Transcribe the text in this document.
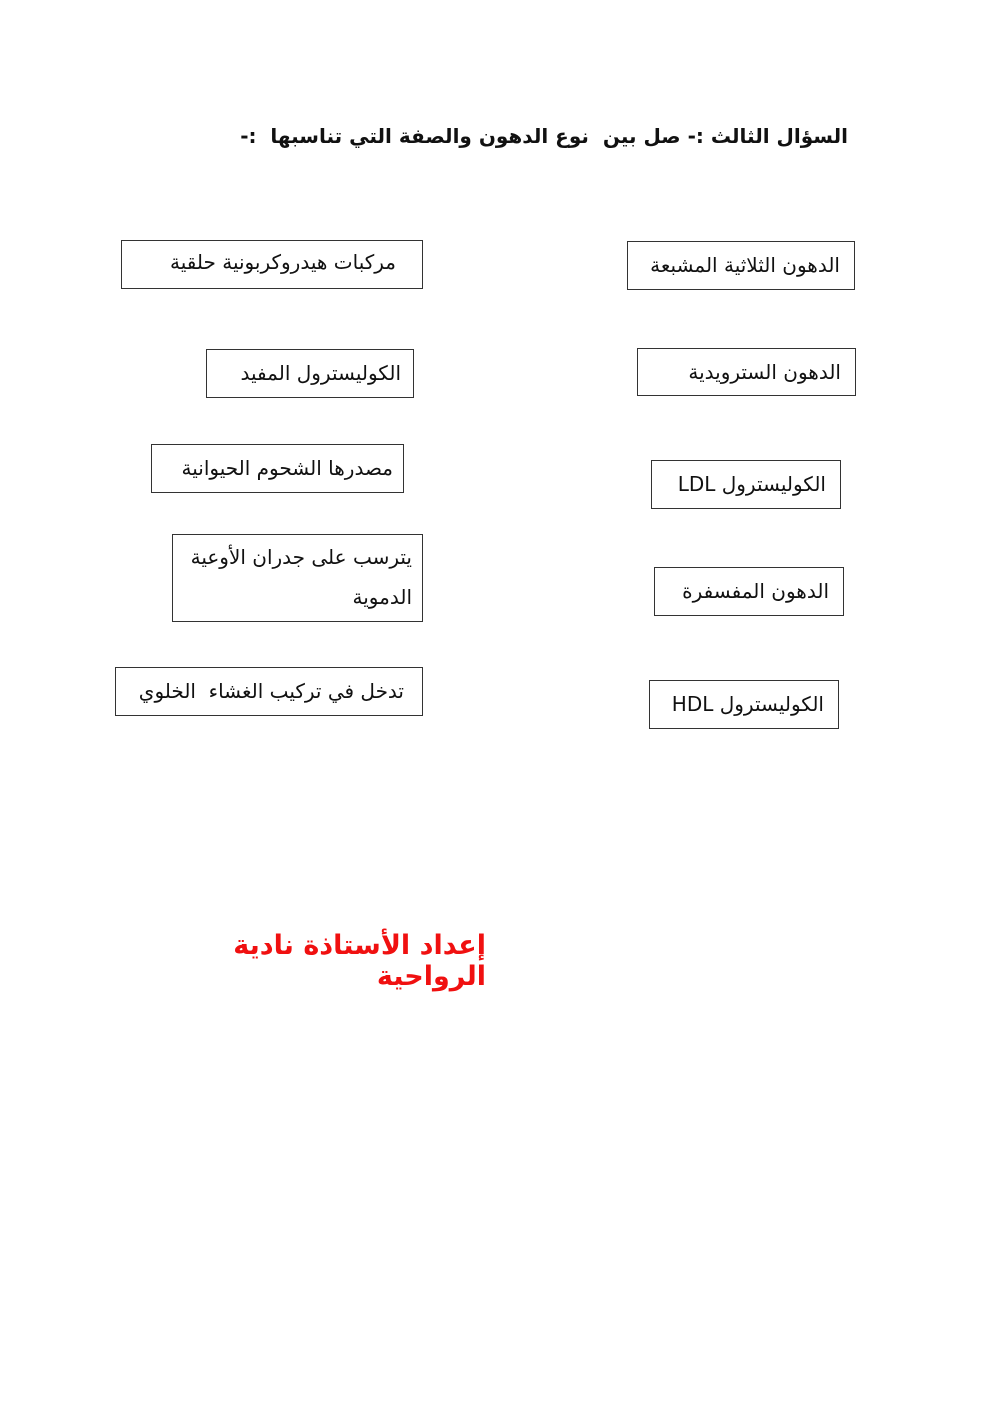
السؤال الثالث :- صل بين  نوع الدهون والصفة التي تناسبها  :-
الدهون الثلاثية المشبعة
الدهون السترويدية
الكوليسترول LDL
الدهون المفسفرة
الكوليسترول HDL
مركبات هيدروكربونية حلقية
الكوليسترول المفيد
مصدرها الشحوم الحيوانية
يترسب على جدران الأوعية الدموية
تدخل في تركيب الغشاء  الخلوي
إعداد الأستاذة نادية الرواحية
